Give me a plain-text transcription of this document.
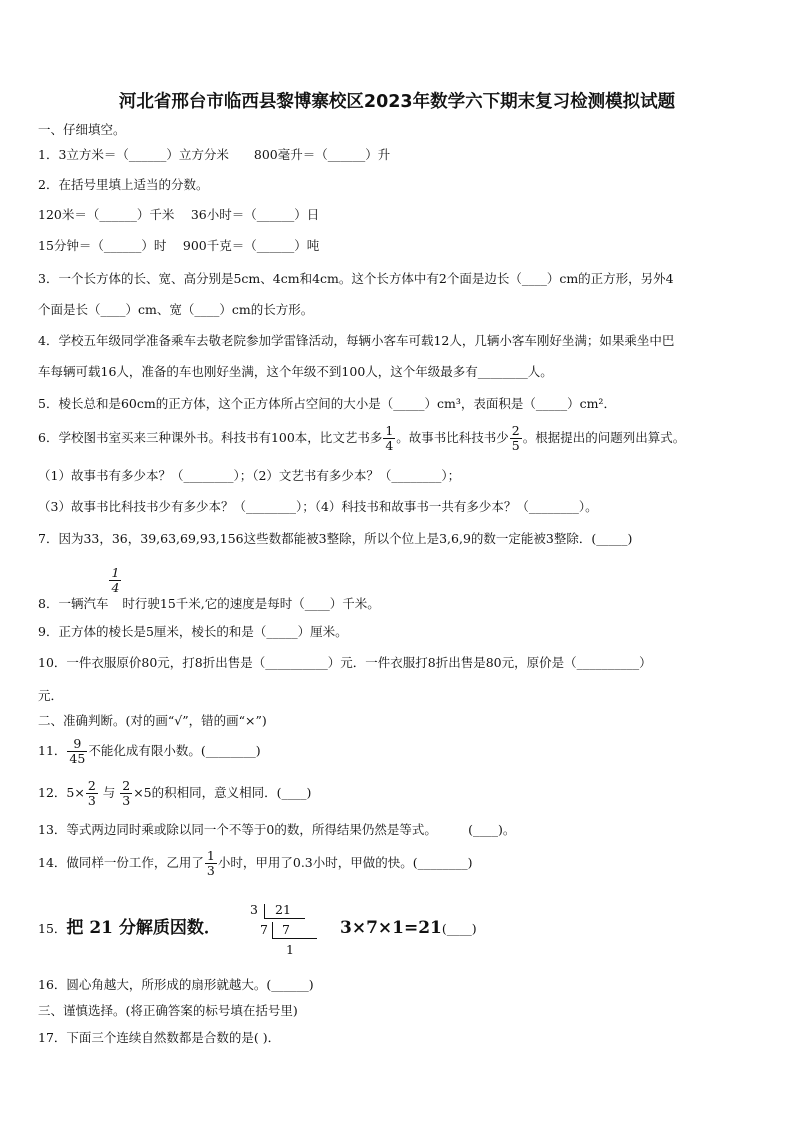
河北省邢台市临西县黎博寨校区2023年数学六下期末复习检测模拟试题
一、仔细填空。
1．3立方米＝（______）立方分米　　800毫升＝（______）升
2．在括号里填上适当的分数。
120米＝（______）千米　 36小时＝（______）日
15分钟＝（______）时　 900千克＝（______）吨
3．一个长方体的长、宽、高分别是5cm、4cm和4cm。这个长方体中有2个面是边长（____）cm的正方形，另外4
个面是长（____）cm、宽（____）cm的长方形。
4．学校五年级同学准备乘车去敬老院参加学雷锋活动，每辆小客车可载12人，几辆小客车刚好坐满；如果乘坐中巴
车每辆可载16人，准备的车也刚好坐满，这个年级不到100人，这个年级最多有________人。
5．棱长总和是60cm的正方体，这个正方体所占空间的大小是（_____）cm³，表面积是（_____）cm²．
6．学校图书室买来三种课外书。科技书有100本，比文艺书多 $\frac{1}{4}$ 。故事书比科技书少 $\frac{2}{5}$ 。根据提出的问题列出算式。
（1）故事书有多少本？（________）；（2）文艺书有多少本？（________）；
（3）故事书比科技书少有多少本？（________）；（4）科技书和故事书一共有多少本？（________）。
7．因为33，36，39,63,69,93,156这些数都能被3整除，所以个位上是3,6,9的数一定能被3整除．(_____)
8．一辆汽车
$\frac{1}{4}$
时行驶15千米,它的速度是每时（____）千米。
9．正方体的棱长是5厘米，棱长的和是（_____）厘米。
10．一件衣服原价80元，打8折出售是（__________）元．一件衣服打8折出售是80元，原价是（__________）
元．
二、准确判断。(对的画“√”，错的画“×”)
11． $\frac{9}{45}$ 不能化成有限小数。(________)
12．$5\times \frac{2}{3}$ 与 $\frac{2}{3} \times 5$的积相同，意义相同．(____)
13．等式两边同时乘或除以同一个不等于0的数，所得结果仍然是等式。　　　(____)。
14．做同样一份工作，乙用了 $\frac{1}{3}$ 小时，甲用了0.3小时，甲做的快。(________)
15．把 21 分解质因数．
3
7
21
7
1
3×7×1=21(____)
16．圆心角越大，所形成的扇形就越大。(______)
三、谨慎选择。(将正确答案的标号填在括号里)
17．下面三个连续自然数都是合数的是( )．
